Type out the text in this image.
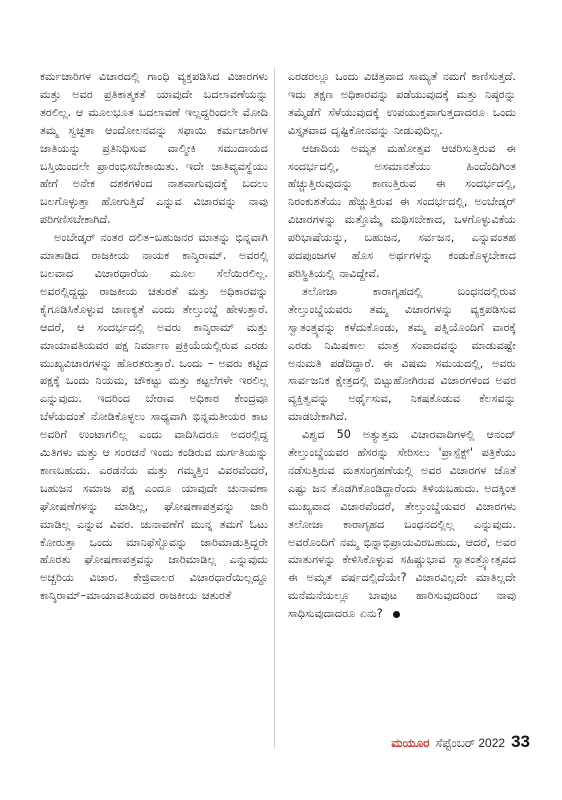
ಕರ್ಮಚಾರಿಗಳ ವಿಚಾರದಲ್ಲಿ ಗಾಂಧಿ ವ್ಯಕ್ತಪಡಿಸಿದ ವಿಚಾರಗಳು ಮತ್ತು ಅವರ ಪ್ರತಿಕಾತ್ಮಕತೆ ಯಾವುದೇ ಬದಲಾವಣೆಯನ್ನು ತರಲಿಲ್ಲ. ಆ ಮೂಲಭೂತ ಬದಲಾವಣೆ ಇಲ್ಲದ್ದರಿಂದಲೇ ಮೋದಿ ತಮ್ಮ ಸ್ವಚ್ಛತಾ ಆಂದೋಲನವನ್ನು ಸಫಾಯಿ ಕರ್ಮಚಾರಿಗಳ ಜಾತಿಯನ್ನು ಪ್ರತಿನಿಧಿಸುವ ವಾಲ್ಮೀಕಿ ಸಮುದಾಯದ ಬಸ್ತಿಯಿಂದಲೇ ಪ್ರಾರಂಭಿಸಬೇಕಾಯಿತು. ಇದೇ ಜಾತಿವ್ಯವಸ್ಥೆಯು ಹೇಗೆ ಅನೇಕ ದಶಕಗಳಿಂದ ನಾಶವಾಗುವುದಕ್ಕೆ ಬದಲು ಬಲಗೊಳ್ಳುತ್ತಾ ಹೋಗುತ್ತಿದೆ ಎನ್ನುವ ವಿಚಾರವನ್ನು ನಾವು ಪರಿಗಣಿಸಬೇಕಾಗಿದೆ.

ಅಂಬೇಡ್ಕರ್ ನಂತರ ದಲಿತ–ಬಹುಜನರ ಮಾತನ್ನು ಭಿನ್ನವಾಗಿ ಮಾತಾಡಿದ ರಾಜಕೀಯ ನಾಯಕ ಕಾನ್ಶಿರಾಮ್. ಅವರಲ್ಲಿ ಬಲವಾದ ವಿಚಾರಧಾರೆಯ ಮೂಲ ಸೆಲೆಯಿರಲಿಲ್ಲ. ಅವರಲ್ಲಿದ್ದದ್ದು ರಾಜಕೀಯ ಚತುರತೆ ಮತ್ತು ಅಧಿಕಾರವನ್ನು ಕೈಗೂಡಿಸಿಕೊಳ್ಳುವ ಚಾಣಕ್ಯತೆ ಎಂದು ತೇಲ್ತುಂಬ್ಡೆ ಹೇಳುತ್ತಾರೆ. ಆದರೆ, ಆ ಸಂದರ್ಭದಲ್ಲಿ ಅವರು ಕಾನ್ಶಿರಾಮ್ ಮತ್ತು ಮಾಯಾವತಿಯವರ ಪಕ್ಷ ನಿರ್ಮಾಣ ಪ್ರಕ್ರಿಯೆಯಲ್ಲಿರುವ ಎರಡು ಮುಖ್ಯವಿಚಾರಗಳನ್ನು ಹೊರತರುತ್ತಾರೆ. ಒಂದು – ಅವರು ಕಟ್ಟಿದ ಪಕ್ಷಕ್ಕೆ ಒಂದು ನಿಯಮ, ಚೌಕಟ್ಟು ಮತ್ತು ಕಟ್ಟಲೆಗಳೇ ಇರಲಿಲ್ಲ ಎನ್ನುವುದು. ಇದರಿಂದ ಬೇರಾವ ಅಧಿಕಾರ ಕೇಂದ್ರವೂ ಬೆಳೆಯದಂತೆ ನೋಡಿಕೊಳ್ಳಲು ಸಾಧ್ಯವಾಗಿ ಭಿನ್ನಮತೀಯರ ಕಾಟ ಅವರಿಗೆ ಉಂಟಾಗಲಿಲ್ಲ ಎಂದು ವಾದಿಸಿದರೂ ಅದರಲ್ಲಿದ್ದ ಮಿತಿಗಳು ಮತ್ತು ಆ ಸಂರಚನೆ ಇಂದು ಕಂಡಿರುವ ದುರ್ಗತಿಯನ್ನು ಕಾಣಬಹುದು. ಎರಡನೆಯ ಮತ್ತು ಗಮ್ಮತ್ತಿನ ವಿವರವೆಂದರೆ, ಬಹುಜನ ಸಮಾಜ ಪಕ್ಷ ಎಂದೂ ಯಾವುದೇ ಚುನಾವಣಾ ಘೋಷಣೆಗಳನ್ನು ಮಾಡಿಲ್ಲ, ಘೋಷಣಾಪತ್ರವನ್ನು ಜಾರಿ ಮಾಡಿಲ್ಲ ಎನ್ನುವ ವಿವರ. ಚುನಾವಣೆಗೆ ಮುನ್ನ ತಮಗೆ ಓಟು ಕೋರುತ್ತಾ ಒಂದು ಮಾನಿಫೆಸ್ಟೊವನ್ನು ಜಾರಿಮಾಡುತ್ತಿದ್ದರೇ ಹೊರತು ಘೋಷಣಾಪತ್ರವನ್ನು ಜಾರಿಮಾಡಿಲ್ಲ ಎನ್ನುವುದು ಅಚ್ಚರಿಯ ವಿಚಾರ. ಕೇಜ್ರಿವಾಲರ ವಿಚಾರಧಾರೆಯಿಲ್ಲದ್ದೂ ಕಾನ್ಶಿರಾಮ್–ಮಾಯಾವತಿಯವರ ರಾಜಕೀಯ ಚತುರತೆ

ಎರಡರಲ್ಲೂ ಒಂದು ವಿಚಿತ್ರವಾದ ಸಾಮ್ಯತೆ ನಮಗೆ ಕಾಣಿಸುತ್ತದೆ. ಇದು ತಕ್ಷಣ ಅಧಿಕಾರವನ್ನು ಪಡೆಯುವುದಕ್ಕೆ ಮತ್ತು ನಿಷ್ಠರನ್ನು ತಮ್ಮೆಡೆಗೆ ಸೆಳೆಯುವುದಕ್ಕೆ ಉಪಯುಕ್ತವಾಗುತ್ತದಾದರೂ ಒಂದು ವಿಸ್ತೃತವಾದ ದೃಷ್ಟಿಕೋನವನ್ನು ನೀಡುವುದಿಲ್ಲ.

ಆಜಾದಿಯ ಅಮೃತ ಮಹೋತ್ಸವ ಆಚರಿಸುತ್ತಿರುವ ಈ ಸಂದರ್ಭದಲ್ಲಿ, ಅಸಮಾನತೆಯು ಹಿಂದೆಂದಿಗಿಂತ ಹೆಚ್ಚುತ್ತಿರುವುದನ್ನು ಕಾಣುತ್ತಿರುವ ಈ ಸಂದರ್ಭದಲ್ಲಿ, ನಿರಂಕುಶತೆಯು ಹೆಚ್ಚುತ್ತಿರುವ ಈ ಸಂದರ್ಭದಲ್ಲಿ, ಅಂಬೇಡ್ಕರ್ ವಿಚಾರಗಳನ್ನು ಮತ್ತೊಮ್ಮೆ ಮಥಿಸಬೇಕಾದ, ಒಳಗೊಳ್ಳುವಿಕೆಯ ಪರಿಭಾಷೆಯನ್ನು, ಬಹುಜನ, ಸರ್ವಜನ, ಎನ್ನುವಂತಹ ಪದಪುಂಜಗಳ ಹೊಸ ಅರ್ಥಗಳನ್ನು ಕಂಡುಕೊಳ್ಳಬೇಕಾದ ಪರಿಸ್ಥಿತಿಯಲ್ಲಿ ನಾವಿದ್ದೇವೆ.

ತಲೋಜಾ ಕಾರಾಗೃಹದಲ್ಲಿ ಬಂಧನದಲ್ಲಿರುವ ತೇಲ್ತುಂಬ್ಡೆಯವರು ತಮ್ಮ ವಿಚಾರಗಳನ್ನು ವ್ಯಕ್ತಪಡಿಸುವ ಸ್ವಾತಂತ್ರ್ಯವನ್ನು ಕಳೆದುಕೊಂಡು, ತಮ್ಮ ಪತ್ನಿಯೊಂದಿಗೆ ವಾರಕ್ಕೆ ಎರಡು ನಿಮಿಷಕಾಲ ಮಾತ್ರ ಸಂವಾದವನ್ನು ಮಾಡುವಷ್ಟೇ ಅನುಮತಿ ಪಡೆದಿದ್ದಾರೆ. ಈ ವಿಷಮ ಸಮಯದಲ್ಲಿ, ಅವರು ಸಾರ್ವಜನಿಕ ಕ್ಷೇತ್ರದಲ್ಲಿ ಬಿಟ್ಟುಹೋಗಿರುವ ವಿಚಾರಗಳಿಂದ ಅವರ ವ್ಯಕ್ತಿತ್ವವನ್ನು ಅರ್ಥೈಸುವ, ನಿಕಷಕೊಡುವ ಕೆಲಸವನ್ನು ಮಾಡಬೇಕಾಗಿದೆ.

ವಿಶ್ವದ 50 ಅತ್ಯುತ್ತಮ ವಿಚಾರವಾದಿಗಳಲ್ಲಿ ಆನಂದ್ ತೇಲ್ತುಂಬ್ಡೆಯವರ ಹೆಸರನ್ನು ಸೇರಿಸಲು 'ಪ್ರಾಸ್ಪೆಕ್ಟ್' ಪತ್ರಿಕೆಯು ನಡೆಸುತ್ತಿರುವ ಮತಸಂಗ್ರಹಣೆಯಲ್ಲಿ ಅವರ ವಿಚಾರಗಳ ಜೊತೆ ಎಷ್ಟು ಜನ ತೊಡಗಿಕೊಂಡಿದ್ದಾರೆಂದು ತಿಳಿಯಬಹುದು. ಅದಕ್ಕಿಂತ ಮುಖ್ಯವಾದ ವಿಚಾರವೆಂದರೆ, ತೇಲ್ತುಂಬ್ಡೆಯವರ ವಿಚಾರಗಳು ತಲೋಜಾ ಕಾರಾಗೃಹದ ಬಂಧನದಲ್ಲಿಲ್ಲ ಎನ್ನುವುದು. ಅವರೊಂದಿಗೆ ನಮ್ಮ ಭಿನ್ನಾಭಿಪ್ರಾಯವಿರಬಹುದು, ಆದರೆ, ಅವರ ಮಾತುಗಳನ್ನು ಕೇಳಿಸಿಕೊಳ್ಳುವ ಸಹಿಷ್ಣುಭಾವ ಸ್ವಾತಂತ್ರ್ಯೋತ್ಸವದ ಈ ಅಮೃತ ವರ್ಷದಲ್ಲಿದೆಯೇ? ವಿಚಾರವಿಲ್ಲದೇ ಮಾತಿಲ್ಲದೇ ಮನೆಮನೆಯಲ್ಲೂ ಬಾವುಟ ಹಾರಿಸುವುದರಿಂದ ನಾವು ಸಾಧಿಸುವುದಾದರೂ ಏನು?

ಮಯೂರ ಸೆಪ್ಟೆಂಬರ್ 2022 33
